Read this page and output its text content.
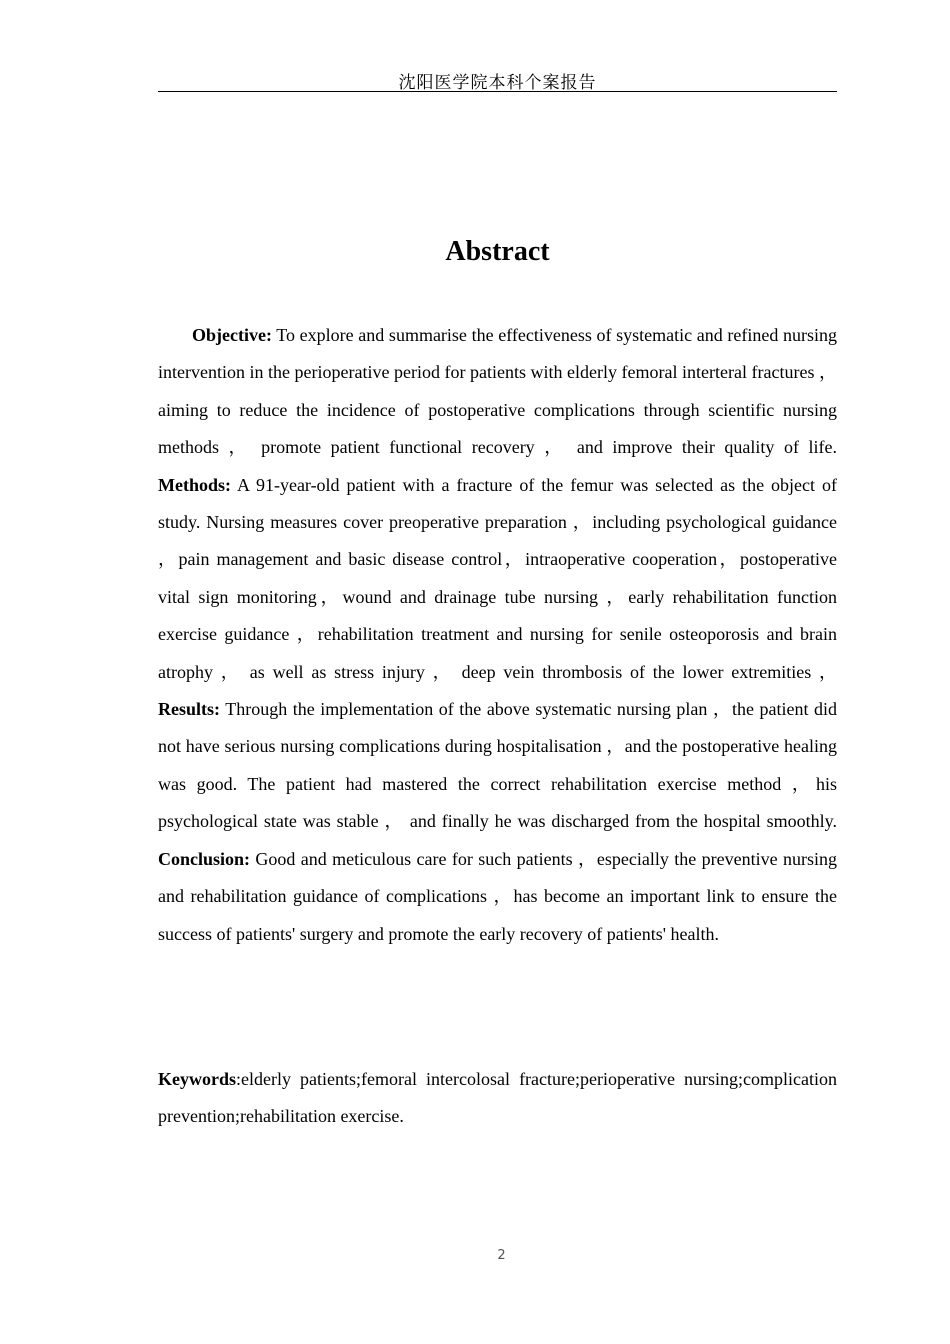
沈阳医学院本科个案报告
Abstract

Objective: To explore and summarise the effectiveness of systematic and refined nursing intervention in the perioperative period for patients with elderly femoral interteral fractures ， aiming to reduce the incidence of postoperative complications through scientific nursing methods ， promote patient functional recovery ， and improve their quality of life. Methods: A 91-year-old patient with a fracture of the femur was selected as the object of study. Nursing measures cover preoperative preparation ，including psychological guidance ，pain management and basic disease control，intraoperative cooperation，postoperative vital sign monitoring，wound and drainage tube nursing ，early rehabilitation function exercise guidance ，rehabilitation treatment and nursing for senile osteoporosis and brain atrophy ， as well as stress injury ， deep vein thrombosis of the lower extremities ， Results: Through the implementation of the above systematic nursing plan ，the patient did not have serious nursing complications during hospitalisation ，and the postoperative healing was good. The patient had mastered the correct rehabilitation exercise method ，his psychological state was stable ， and finally he was discharged from the hospital smoothly. Conclusion: Good and meticulous care for such patients ，especially the preventive nursing and rehabilitation guidance of complications ，has become an important link to ensure the success of patients' surgery and promote the early recovery of patients' health.

Keywords:elderly patients;femoral intercolosal fracture;perioperative nursing;complication prevention;rehabilitation exercise.

2
